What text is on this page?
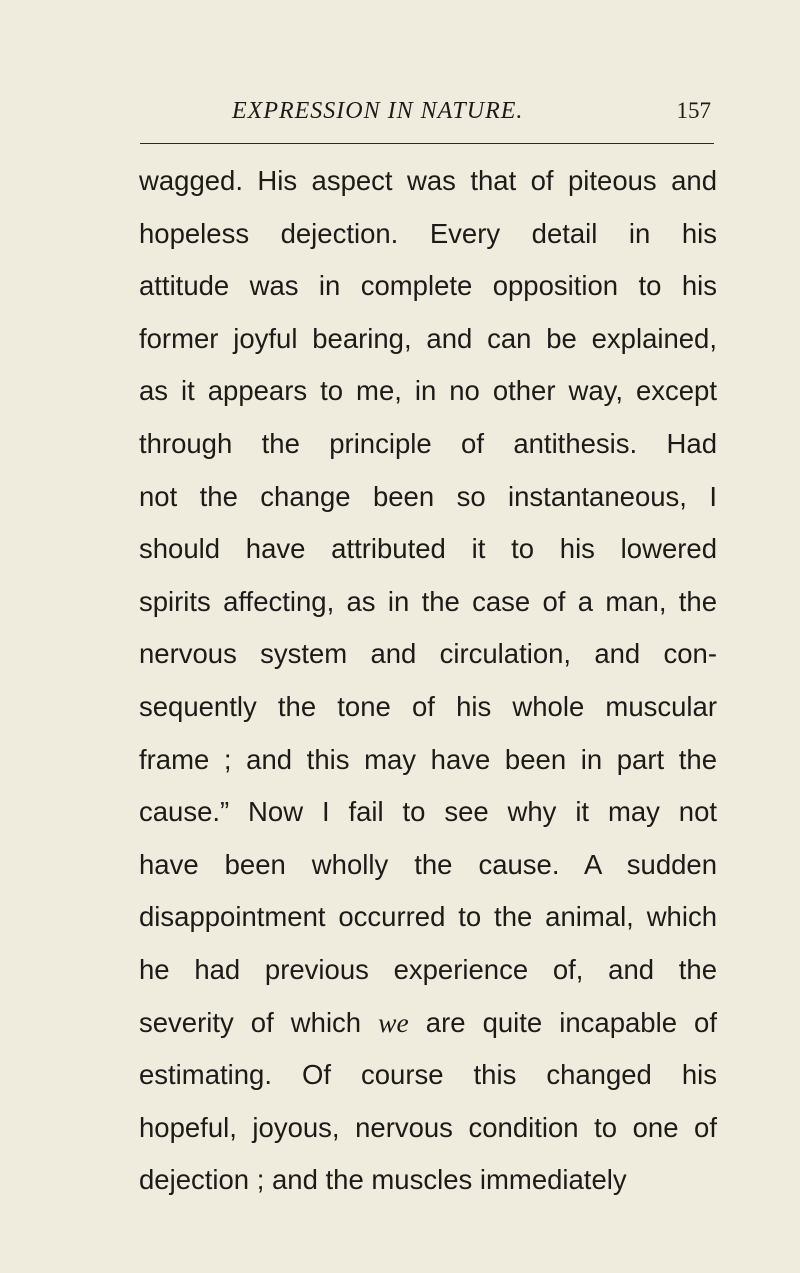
EXPRESSION IN NATURE.	157
wagged. His aspect was that of piteous and
hopeless dejection. Every detail in his
attitude was in complete opposition to his
former joyful bearing, and can be explained,
as it appears to me, in no other way, except
through the principle of antithesis. Had
not the change been so instantaneous, I
should have attributed it to his lowered
spirits affecting, as in the case of a man, the
nervous system and circulation, and con-
sequently the tone of his whole muscular
frame ; and this may have been in part the
cause.” Now I fail to see why it may not
have been wholly the cause. A sudden
disappointment occurred to the animal, which
he had previous experience of, and the
severity of which we are quite incapable of
estimating. Of course this changed his
hopeful, joyous, nervous condition to one of
dejection ; and the muscles immediately
